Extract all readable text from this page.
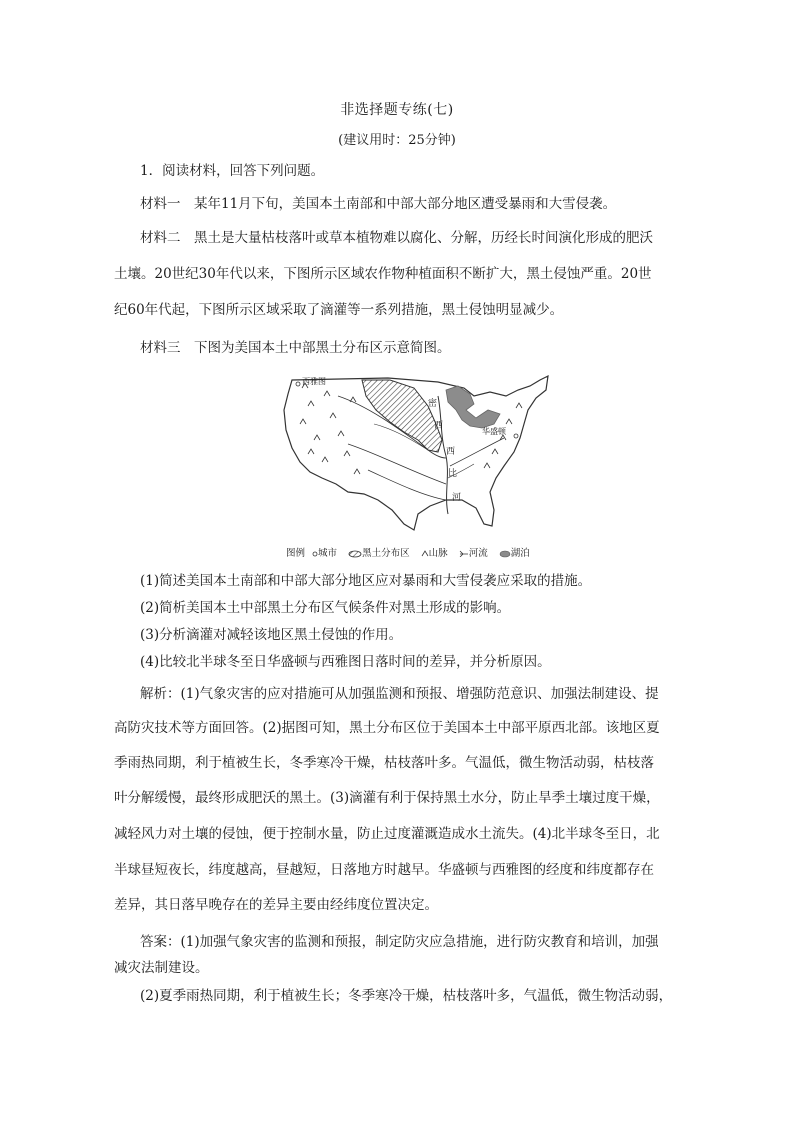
非选择题专练(七)
(建议用时：25分钟)
1．阅读材料，回答下列问题。
材料一　某年11月下旬，美国本土南部和中部大部分地区遭受暴雨和大雪侵袭。
材料二　黑土是大量枯枝落叶或草本植物难以腐化、分解，历经长时间演化形成的肥沃
土壤。20世纪30年代以来，下图所示区域农作物种植面积不断扩大，黑土侵蚀严重。20世
纪60年代起，下图所示区域采取了滴灌等一系列措施，黑土侵蚀明显减少。
材料三　下图为美国本土中部黑土分布区示意简图。
西雅图
华盛顿
密
西
西
比
河
图例 城市	黑土分布区 山脉 河流 湖泊
(1)简述美国本土南部和中部大部分地区应对暴雨和大雪侵袭应采取的措施。
(2)简析美国本土中部黑土分布区气候条件对黑土形成的影响。
(3)分析滴灌对减轻该地区黑土侵蚀的作用。
(4)比较北半球冬至日华盛顿与西雅图日落时间的差异，并分析原因。
解析：(1)气象灾害的应对措施可从加强监测和预报、增强防范意识、加强法制建设、提
高防灾技术等方面回答。(2)据图可知，黑土分布区位于美国本土中部平原西北部。该地区夏
季雨热同期，利于植被生长，冬季寒冷干燥，枯枝落叶多。气温低，微生物活动弱，枯枝落
叶分解缓慢，最终形成肥沃的黑土。(3)滴灌有利于保持黑土水分，防止旱季土壤过度干燥，
减轻风力对土壤的侵蚀，便于控制水量，防止过度灌溉造成水土流失。(4)北半球冬至日，北
半球昼短夜长，纬度越高，昼越短，日落地方时越早。华盛顿与西雅图的经度和纬度都存在
差异，其日落早晚存在的差异主要由经纬度位置决定。
答案：(1)加强气象灾害的监测和预报，制定防灾应急措施，进行防灾教育和培训，加强
减灾法制建设。
(2)夏季雨热同期，利于植被生长；冬季寒冷干燥，枯枝落叶多，气温低，微生物活动弱，
